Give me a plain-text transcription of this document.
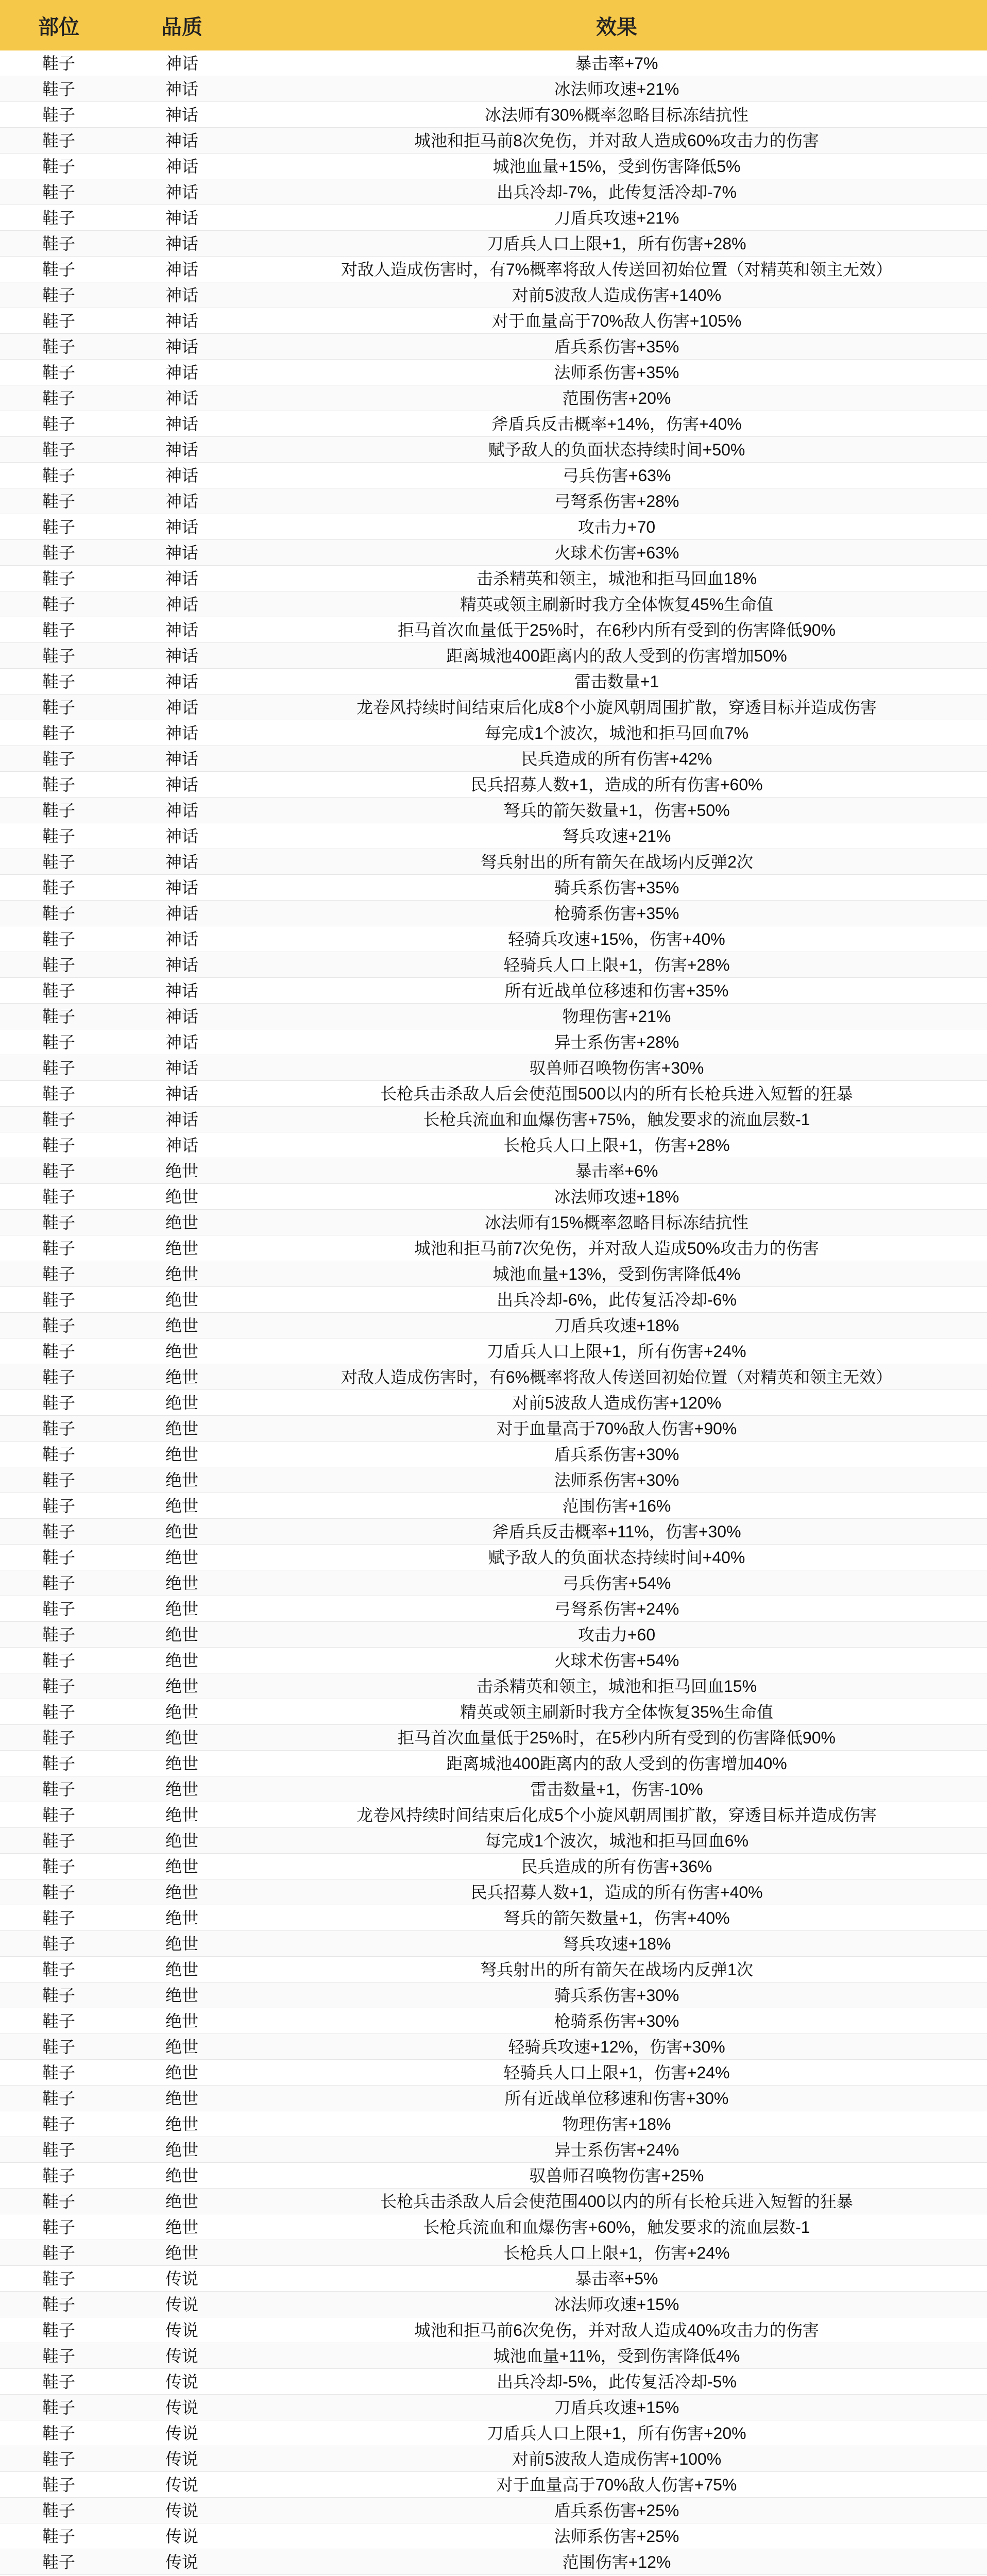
部位	品质	效果
鞋子	神话	暴击率+7%
鞋子	神话	冰法师攻速+21%
鞋子	神话	冰法师有30%概率忽略目标冻结抗性
鞋子	神话	城池和拒马前8次免伤，并对敌人造成60%攻击力的伤害
鞋子	神话	城池血量+15%，受到伤害降低5%
鞋子	神话	出兵冷却-7%，此传复活冷却-7%
鞋子	神话	刀盾兵攻速+21%
鞋子	神话	刀盾兵人口上限+1，所有伤害+28%
鞋子	神话	对敌人造成伤害时，有7%概率将敌人传送回初始位置（对精英和领主无效）
鞋子	神话	对前5波敌人造成伤害+140%
鞋子	神话	对于血量高于70%敌人伤害+105%
鞋子	神话	盾兵系伤害+35%
鞋子	神话	法师系伤害+35%
鞋子	神话	范围伤害+20%
鞋子	神话	斧盾兵反击概率+14%，伤害+40%
鞋子	神话	赋予敌人的负面状态持续时间+50%
鞋子	神话	弓兵伤害+63%
鞋子	神话	弓弩系伤害+28%
鞋子	神话	攻击力+70
鞋子	神话	火球术伤害+63%
鞋子	神话	击杀精英和领主，城池和拒马回血18%
鞋子	神话	精英或领主刷新时我方全体恢复45%生命值
鞋子	神话	拒马首次血量低于25%时，在6秒内所有受到的伤害降低90%
鞋子	神话	距离城池400距离内的敌人受到的伤害增加50%
鞋子	神话	雷击数量+1
鞋子	神话	龙卷风持续时间结束后化成8个小旋风朝周围扩散，穿透目标并造成伤害
鞋子	神话	每完成1个波次，城池和拒马回血7%
鞋子	神话	民兵造成的所有伤害+42%
鞋子	神话	民兵招募人数+1，造成的所有伤害+60%
鞋子	神话	弩兵的箭矢数量+1，伤害+50%
鞋子	神话	弩兵攻速+21%
鞋子	神话	弩兵射出的所有箭矢在战场内反弹2次
鞋子	神话	骑兵系伤害+35%
鞋子	神话	枪骑系伤害+35%
鞋子	神话	轻骑兵攻速+15%，伤害+40%
鞋子	神话	轻骑兵人口上限+1，伤害+28%
鞋子	神话	所有近战单位移速和伤害+35%
鞋子	神话	物理伤害+21%
鞋子	神话	异士系伤害+28%
鞋子	神话	驭兽师召唤物伤害+30%
鞋子	神话	长枪兵击杀敌人后会使范围500以内的所有长枪兵进入短暂的狂暴
鞋子	神话	长枪兵流血和血爆伤害+75%，触发要求的流血层数-1
鞋子	神话	长枪兵人口上限+1，伤害+28%
鞋子	绝世	暴击率+6%
鞋子	绝世	冰法师攻速+18%
鞋子	绝世	冰法师有15%概率忽略目标冻结抗性
鞋子	绝世	城池和拒马前7次免伤，并对敌人造成50%攻击力的伤害
鞋子	绝世	城池血量+13%，受到伤害降低4%
鞋子	绝世	出兵冷却-6%，此传复活冷却-6%
鞋子	绝世	刀盾兵攻速+18%
鞋子	绝世	刀盾兵人口上限+1，所有伤害+24%
鞋子	绝世	对敌人造成伤害时，有6%概率将敌人传送回初始位置（对精英和领主无效）
鞋子	绝世	对前5波敌人造成伤害+120%
鞋子	绝世	对于血量高于70%敌人伤害+90%
鞋子	绝世	盾兵系伤害+30%
鞋子	绝世	法师系伤害+30%
鞋子	绝世	范围伤害+16%
鞋子	绝世	斧盾兵反击概率+11%，伤害+30%
鞋子	绝世	赋予敌人的负面状态持续时间+40%
鞋子	绝世	弓兵伤害+54%
鞋子	绝世	弓弩系伤害+24%
鞋子	绝世	攻击力+60
鞋子	绝世	火球术伤害+54%
鞋子	绝世	击杀精英和领主，城池和拒马回血15%
鞋子	绝世	精英或领主刷新时我方全体恢复35%生命值
鞋子	绝世	拒马首次血量低于25%时，在5秒内所有受到的伤害降低90%
鞋子	绝世	距离城池400距离内的敌人受到的伤害增加40%
鞋子	绝世	雷击数量+1，伤害-10%
鞋子	绝世	龙卷风持续时间结束后化成5个小旋风朝周围扩散，穿透目标并造成伤害
鞋子	绝世	每完成1个波次，城池和拒马回血6%
鞋子	绝世	民兵造成的所有伤害+36%
鞋子	绝世	民兵招募人数+1，造成的所有伤害+40%
鞋子	绝世	弩兵的箭矢数量+1，伤害+40%
鞋子	绝世	弩兵攻速+18%
鞋子	绝世	弩兵射出的所有箭矢在战场内反弹1次
鞋子	绝世	骑兵系伤害+30%
鞋子	绝世	枪骑系伤害+30%
鞋子	绝世	轻骑兵攻速+12%，伤害+30%
鞋子	绝世	轻骑兵人口上限+1，伤害+24%
鞋子	绝世	所有近战单位移速和伤害+30%
鞋子	绝世	物理伤害+18%
鞋子	绝世	异士系伤害+24%
鞋子	绝世	驭兽师召唤物伤害+25%
鞋子	绝世	长枪兵击杀敌人后会使范围400以内的所有长枪兵进入短暂的狂暴
鞋子	绝世	长枪兵流血和血爆伤害+60%，触发要求的流血层数-1
鞋子	绝世	长枪兵人口上限+1，伤害+24%
鞋子	传说	暴击率+5%
鞋子	传说	冰法师攻速+15%
鞋子	传说	城池和拒马前6次免伤，并对敌人造成40%攻击力的伤害
鞋子	传说	城池血量+11%，受到伤害降低4%
鞋子	传说	出兵冷却-5%，此传复活冷却-5%
鞋子	传说	刀盾兵攻速+15%
鞋子	传说	刀盾兵人口上限+1，所有伤害+20%
鞋子	传说	对前5波敌人造成伤害+100%
鞋子	传说	对于血量高于70%敌人伤害+75%
鞋子	传说	盾兵系伤害+25%
鞋子	传说	法师系伤害+25%
鞋子	传说	范围伤害+12%
